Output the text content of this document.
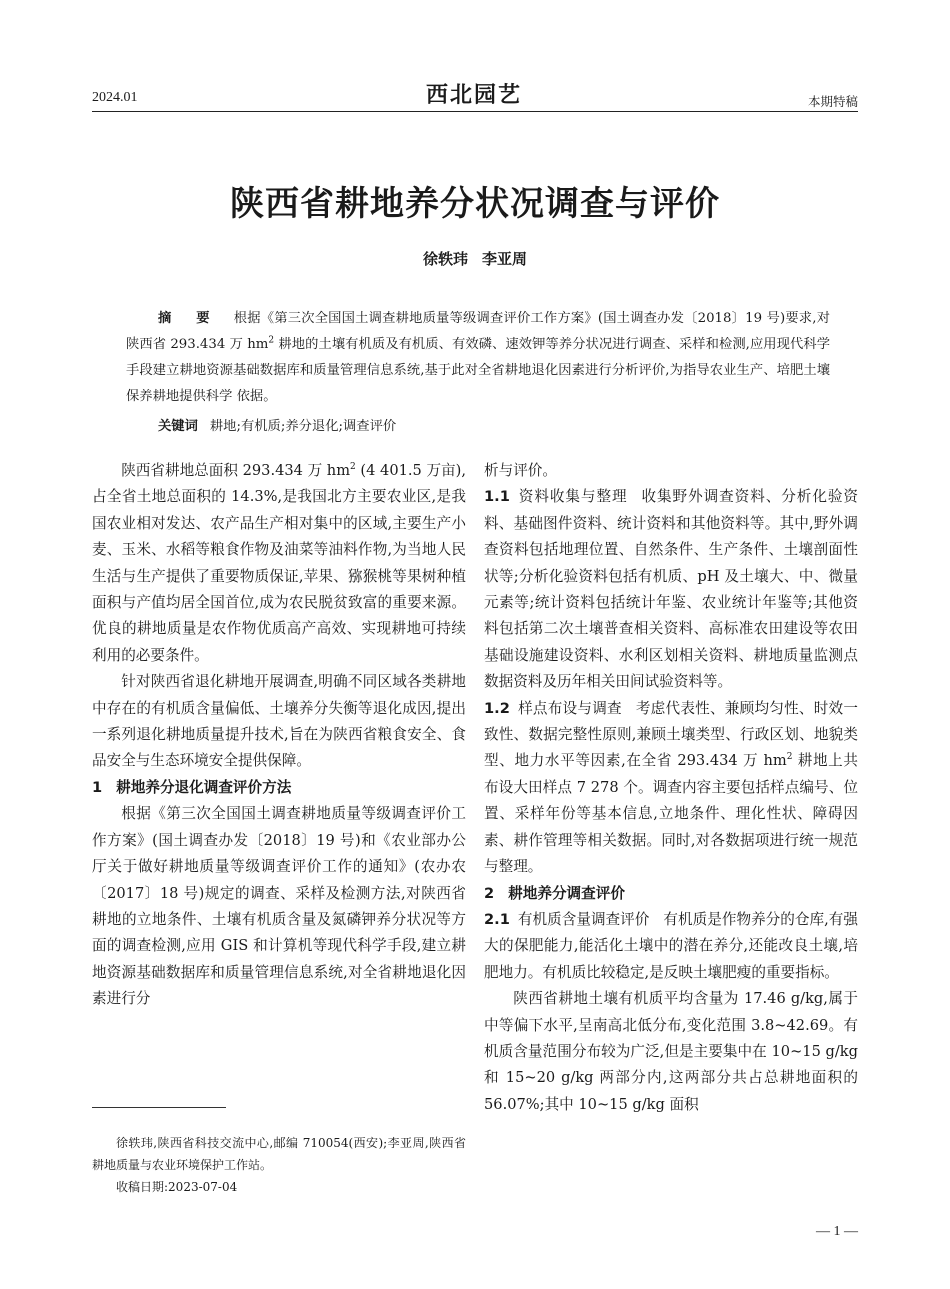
2024.01	西北园艺	本期特稿
陕西省耕地养分状况调查与评价
徐轶玮 李亚周
摘 要 根据《第三次全国国土调查耕地质量等级调查评价工作方案》(国土调查办发〔2018〕19 号)要求,对陕西省 293.434 万 $hm^2$ 耕地的土壤有机质及有机质、有效磷、速效钾等养分状况进行调查、采样和检测,应用现代科学手段建立耕地资源基础数据库和质量管理信息系统,基于此对全省耕地退化因素进行分析评价,为指导农业生产、培肥土壤保养耕地提供科学 依据。
关键词 耕地;有机质;养分退化;调查评价

陕西省耕地总面积 293.434 万 $hm^2$ (4 401.5 万亩),占全省土地总面积的 14.3%,是我国北方主要农业区,是我国农业相对发达、农产品生产相对集中的区域,主要生产小麦、玉米、水稻等粮食作物及油菜等油料作物,为当地人民生活与生产提供了重要物质保证,苹果、猕猴桃等果树种植面积与产值均居全国首位,成为农民脱贫致富的重要来源。优良的耕地质量是农作物优质高产高效、实现耕地可持续利用的必要条件。

针对陕西省退化耕地开展调查,明确不同区域各类耕地中存在的有机质含量偏低、土壤养分失衡等退化成因,提出一系列退化耕地质量提升技术,旨在为陕西省粮食安全、食品安全与生态环境安全提供保障。

1 耕地养分退化调查评价方法

根据《第三次全国国土调查耕地质量等级调查评价工作方案》(国土调查办发〔2018〕19 号)和《农业部办公厅关于做好耕地质量等级调查评价工作的通知》(农办农〔2017〕18 号)规定的调查、采样及检测方法,对陕西省耕地的立地条件、土壤有机质含量及氮磷钾养分状况等方面的调查检测,应用 GIS 和计算机等现代科学手段,建立耕地资源基础数据库和质量管理信息系统,对全省耕地退化因素进行分

析与评价。

1.1 资料收集与整理 收集野外调查资料、分析化验资料、基础图件资料、统计资料和其他资料等。其中,野外调查资料包括地理位置、自然条件、生产条件、土壤剖面性状等;分析化验资料包括有机质、pH 及土壤大、中、微量元素等;统计资料包括统计年鉴、农业统计年鉴等;其他资料包括第二次土壤普查相关资料、高标准农田建设等农田基础设施建设资料、水利区划相关资料、耕地质量监测点数据资料及历年相关田间试验资料等。

1.2 样点布设与调查 考虑代表性、兼顾均匀性、时效一致性、数据完整性原则,兼顾土壤类型、行政区划、地貌类型、地力水平等因素,在全省 293.434 万 $hm^2$ 耕地上共布设大田样点 7 278 个。调查内容主要包括样点编号、位置、采样年份等基本信息,立地条件、理化性状、障碍因素、耕作管理等相关数据。同时,对各数据项进行统一规范与整理。

2 耕地养分调查评价

2.1 有机质含量调查评价 有机质是作物养分的仓库,有强大的保肥能力,能活化土壤中的潜在养分,还能改良土壤,培肥地力。有机质比较稳定,是反映土壤肥瘦的重要指标。

陕西省耕地土壤有机质平均含量为 17.46 g/kg,属于中等偏下水平,呈南高北低分布,变化范围 3.8~42.69。有机质含量范围分布较为广泛,但是主要集中在 10~15 g/kg 和 15~20 g/kg 两部分内,这两部分共占总耕地面积的 56.07%;其中 10~15 g/kg 面积

徐轶玮,陕西省科技交流中心,邮编 710054(西安);李亚周,陕西省耕地质量与农业环境保护工作站。

收稿日期:2023-07-04

— 1 —
